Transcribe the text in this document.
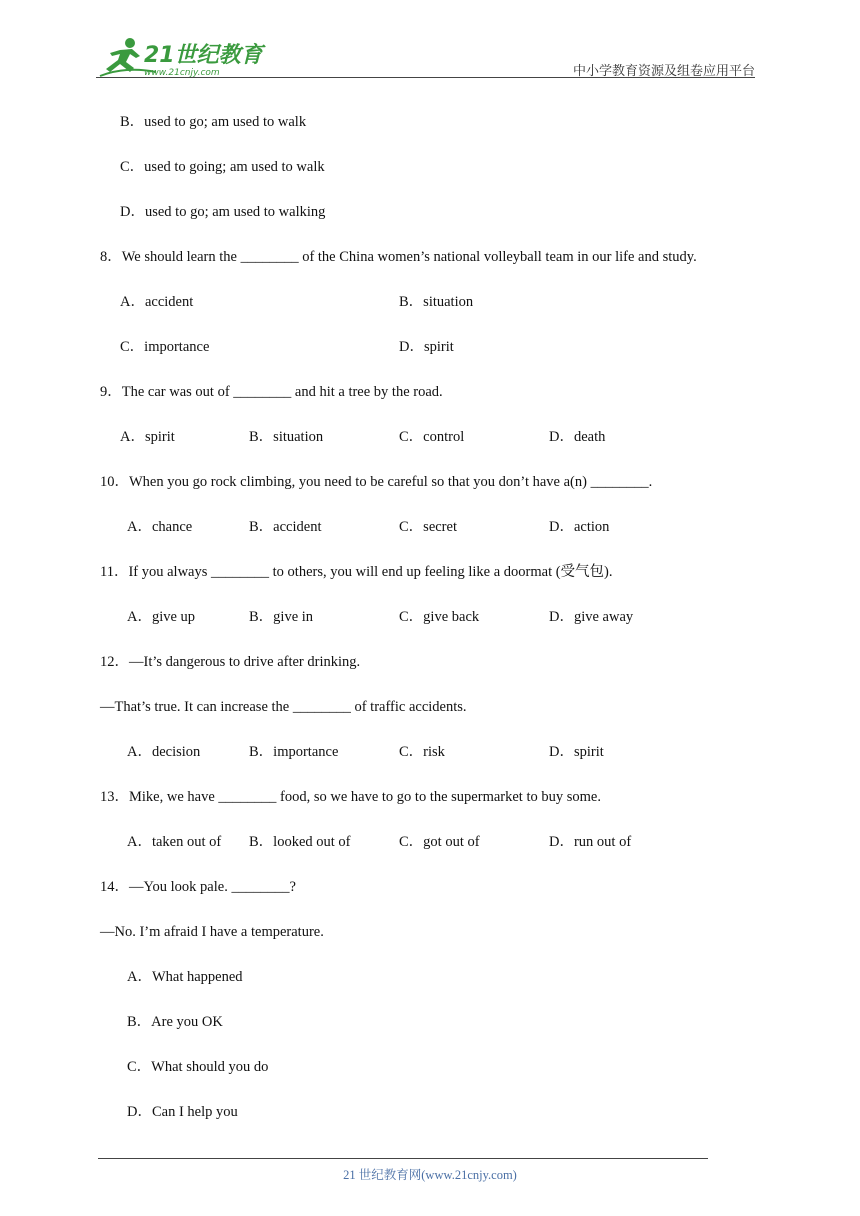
21世纪教育
www.21cnjy.com	中小学教育资源及组卷应用平台
B．used to go; am used to walk
C．used to going; am used to walk
D．used to go; am used to walking
8．We should learn the ________ of the China women’s national volleyball team in our life and study.
A．accident	B．situation
C．importance	D．spirit
9．The car was out of ________ and hit a tree by the road.
A．spirit	B．situation	C．control	D．death
10．When you go rock climbing, you need to be careful so that you don’t have a(n) ________.
A．chance	B．accident	C．secret	D．action
11．If you always ________ to others, you will end up feeling like a doormat (受气包).
A．give up	B．give in	C．give back	D．give away
12．—It’s dangerous to drive after drinking.
—That’s true. It can increase the ________ of traffic accidents.
A．decision	B．importance	C．risk	D．spirit
13．Mike, we have ________ food, so we have to go to the supermarket to buy some.
A．taken out of B．looked out of	C．got out of	D．run out of
14．—You look pale. ________?
—No. I’m afraid I have a temperature.
A．What happened
B．Are you OK
C．What should you do
D．Can I help you
21 世纪教育网(www.21cnjy.com)
